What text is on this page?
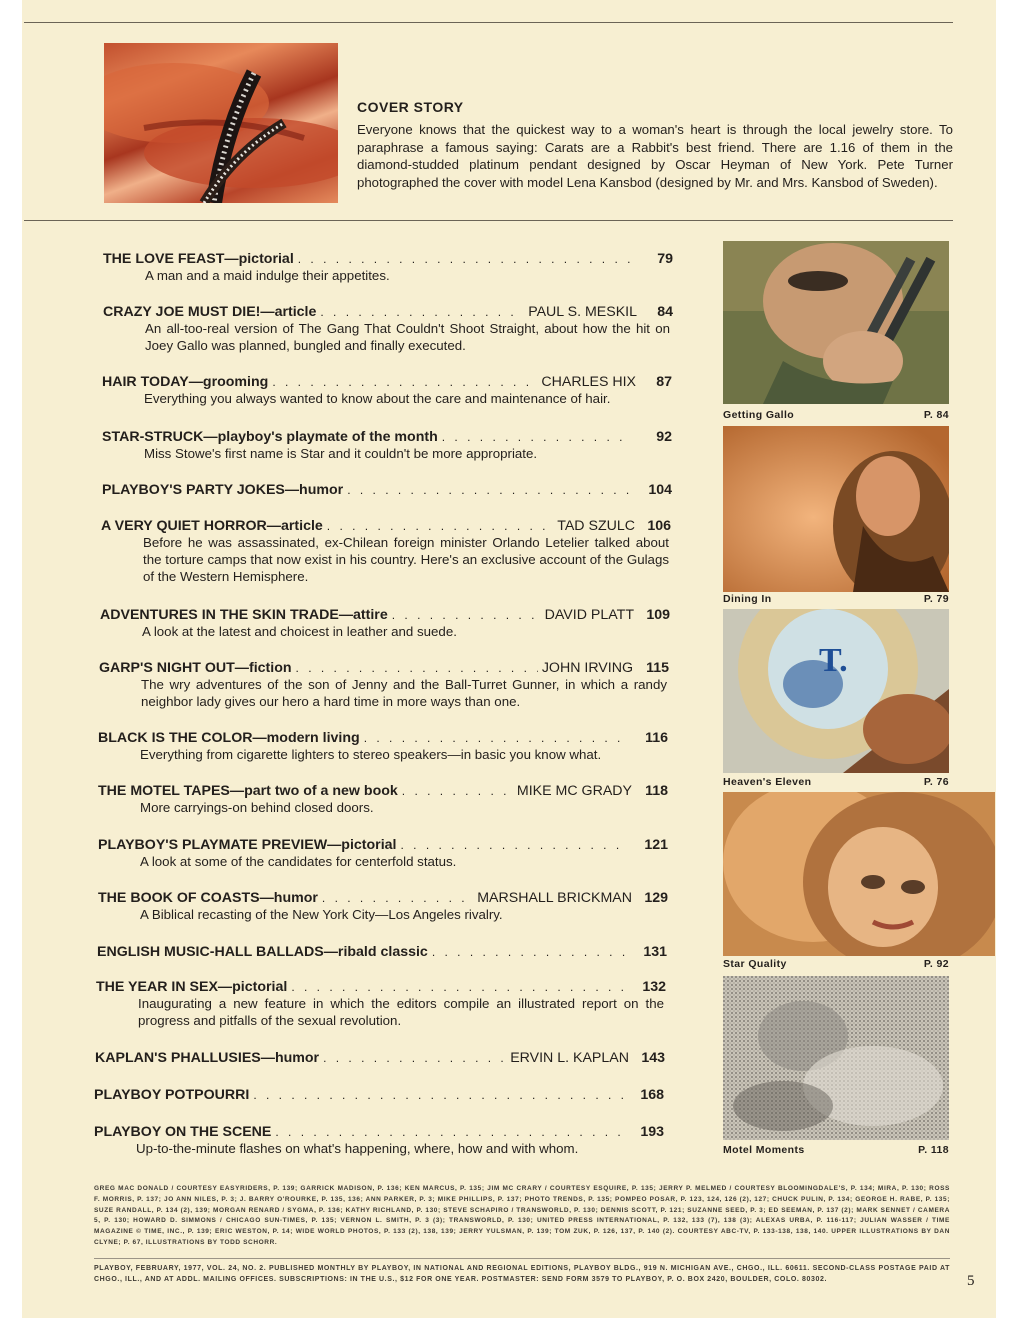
COVER STORY
Everyone knows that the quickest way to a woman's heart is through the local jewelry store. To paraphrase a famous saying: Carats are a Rabbit's best friend. There are 1.16 of them in the diamond-studded platinum pendant designed by Oscar Heyman of New York. Pete Turner photographed the cover with model Lena Kansbod (designed by Mr. and Mrs. Kansbod of Sweden).
THE LOVE FEAST—pictorial . . .	79
A man and a maid indulge their appetites.
CRAZY JOE MUST DIE!—article . . .	PAUL S. MESKIL	84
An all-too-real version of The Gang That Couldn't Shoot Straight, about how the hit on Joey Gallo was planned, bungled and finally executed.
HAIR TODAY—grooming . . .	CHARLES HIX	87
Everything you always wanted to know about the care and maintenance of hair.
STAR-STRUCK—playboy's playmate of the month . . .	92
Miss Stowe's first name is Star and it couldn't be more appropriate.
PLAYBOY'S PARTY JOKES—humor . . .	104
A VERY QUIET HORROR—article . . .	TAD SZULC 106
Before he was assassinated, ex-Chilean foreign minister Orlando Letelier talked about the torture camps that now exist in his country. Here's an exclusive account of the Gulags of the Western Hemisphere.
ADVENTURES IN THE SKIN TRADE—attire . . .	DAVID PLATT 109
A look at the latest and choicest in leather and suede.
GARP'S NIGHT OUT—fiction . . .	JOHN IRVING 115
The wry adventures of the son of Jenny and the Ball-Turret Gunner, in which a randy neighbor lady gives our hero a hard time in more ways than one.
BLACK IS THE COLOR—modern living . . .	116
Everything from cigarette lighters to stereo speakers—in basic you know what.
THE MOTEL TAPES—part two of a new book . . .	MIKE MC GRADY 118
More carryings-on behind closed doors.
PLAYBOY'S PLAYMATE PREVIEW—pictorial . . .	121
A look at some of the candidates for centerfold status.
THE BOOK OF COASTS—humor . . .	MARSHALL BRICKMAN 129
A Biblical recasting of the New York City—Los Angeles rivalry.
ENGLISH MUSIC-HALL BALLADS—ribald classic . . .	131
THE YEAR IN SEX—pictorial . . .	132
Inaugurating a new feature in which the editors compile an illustrated report on the progress and pitfalls of the sexual revolution.
KAPLAN'S PHALLUSIES—humor . . .	ERVIN L. KAPLAN 143
PLAYBOY POTPOURRI . . .	168
PLAYBOY ON THE SCENE . . .	193
Up-to-the-minute flashes on what's happening, where, how and with whom.
Getting Gallo	P. 84
Dining In	P. 79
T.
Heaven's Eleven	P. 76
Star Quality	P. 92
Motel Moments	P. 118
GREG MAC DONALD / COURTESY EASYRIDERS, P. 139; GARRICK MADISON, P. 136; KEN MARCUS, P. 135; JIM MC CRARY / COURTESY ESQUIRE, P. 135; JERRY P. MELMED / COURTESY BLOOMINGDALE'S, P. 134; MIRA, P. 130; ROSS F. MORRIS, P. 137; JO ANN NILES, P. 3; J. BARRY O'ROURKE, P. 135, 136; ANN PARKER, P. 3; MIKE PHILLIPS, P. 137; PHOTO TRENDS, P. 135; POMPEO POSAR, P. 123, 124, 126 (2), 127; CHUCK PULIN, P. 134; GEORGE H. RABE, P. 135; SUZE RANDALL, P. 134 (2), 139; MORGAN RENARD / SYGMA, P. 136; KATHY RICHLAND, P. 130; STEVE SCHAPIRO / TRANSWORLD, P. 130; DENNIS SCOTT, P. 121; SUZANNE SEED, P. 3; ED SEEMAN, P. 137 (2); MARK SENNET / CAMERA 5, P. 130; HOWARD D. SIMMONS / CHICAGO SUN-TIMES, P. 135; VERNON L. SMITH, P. 3 (3); TRANSWORLD, P. 130; UNITED PRESS INTERNATIONAL, P. 132, 133 (7), 138 (3); ALEXAS URBA, P. 116-117; JULIAN WASSER / TIME MAGAZINE © TIME, INC., P. 139; ERIC WESTON, P. 14; WIDE WORLD PHOTOS, P. 133 (2), 138, 139; JERRY YULSMAN, P. 139; TOM ZUK, P. 126, 137, P. 140 (2). COURTESY ABC-TV, P. 133-138, 138, 140. UPPER ILLUSTRATIONS BY DAN CLYNE; P. 67, ILLUSTRATIONS BY TODD SCHORR.
PLAYBOY, FEBRUARY, 1977, VOL. 24, NO. 2. PUBLISHED MONTHLY BY PLAYBOY, IN NATIONAL AND REGIONAL EDITIONS, PLAYBOY BLDG., 919 N. MICHIGAN AVE., CHGO., ILL. 60611. SECOND-CLASS POSTAGE PAID AT CHGO., ILL., AND AT ADDL. MAILING OFFICES. SUBSCRIPTIONS: IN THE U.S., $12 FOR ONE YEAR. POSTMASTER: SEND FORM 3579 TO PLAYBOY, P. O. BOX 2420, BOULDER, COLO. 80302.	5
